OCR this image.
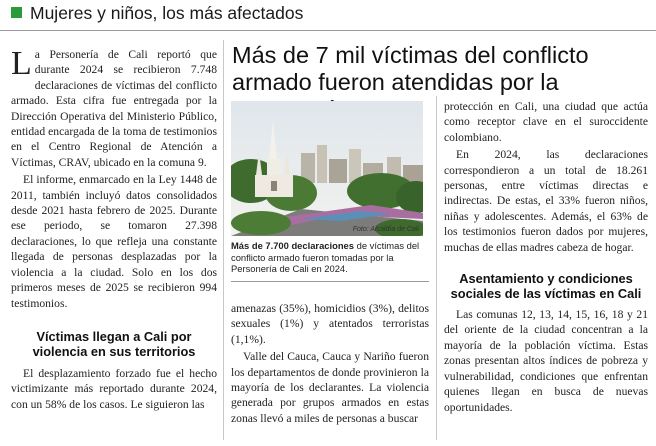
Mujeres y niños, los más afectados
Más de 7 mil víctimas del conflicto armado fueron atendidas por la
Foto: Alcaldía de Cali
Más de 7.700 declaraciones de víctimas del conflicto armado fueron tomadas por la Personería de Cali en 2024.

La Personería de Cali reportó que durante 2024 se recibieron 7.748 declaraciones de víctimas del conflicto armado. Esta cifra fue entregada por la Dirección Operativa del Ministerio Público, entidad encargada de la toma de testimonios en el Centro Regional de Atención a Víctimas, CRAV, ubicado en la comuna 9.

El informe, enmarcado en la Ley 1448 de 2011, también incluyó datos consolidados desde 2021 hasta febrero de 2025. Durante ese periodo, se tomaron 27.398 declaraciones, lo que refleja una constante llegada de personas desplazadas por la violencia a la ciudad. Solo en los dos primeros meses de 2025 se recibieron 994 testimonios.

Víctimas llegan a Cali por violencia en sus territorios

El desplazamiento forzado fue el hecho victimizante más reportado durante 2024, con un 58% de los casos. Le siguieron las

amenazas (35%), homicidios (3%), delitos sexuales (1%) y atentados terroristas (1,1%).

Valle del Cauca, Cauca y Nariño fueron los departamentos de donde provinieron la mayoría de los declarantes. La violencia generada por grupos armados en estas zonas llevó a miles de personas a buscar

protección en Cali, una ciudad que actúa como receptor clave en el suroccidente colombiano.

En 2024, las declaraciones correspondieron a un total de 18.261 personas, entre víctimas directas e indirectas. De estas, el 33% fueron niños, niñas y adolescentes. Además, el 63% de los testimonios fueron dados por mujeres, muchas de ellas madres cabeza de hogar.

Asentamiento y condiciones sociales de las víctimas en Cali

Las comunas 12, 13, 14, 15, 16, 18 y 21 del oriente de la ciudad concentran a la mayoría de la población víctima. Estas zonas presentan altos índices de pobreza y vulnerabilidad, condiciones que enfrentan quienes llegan en busca de nuevas oportunidades.
